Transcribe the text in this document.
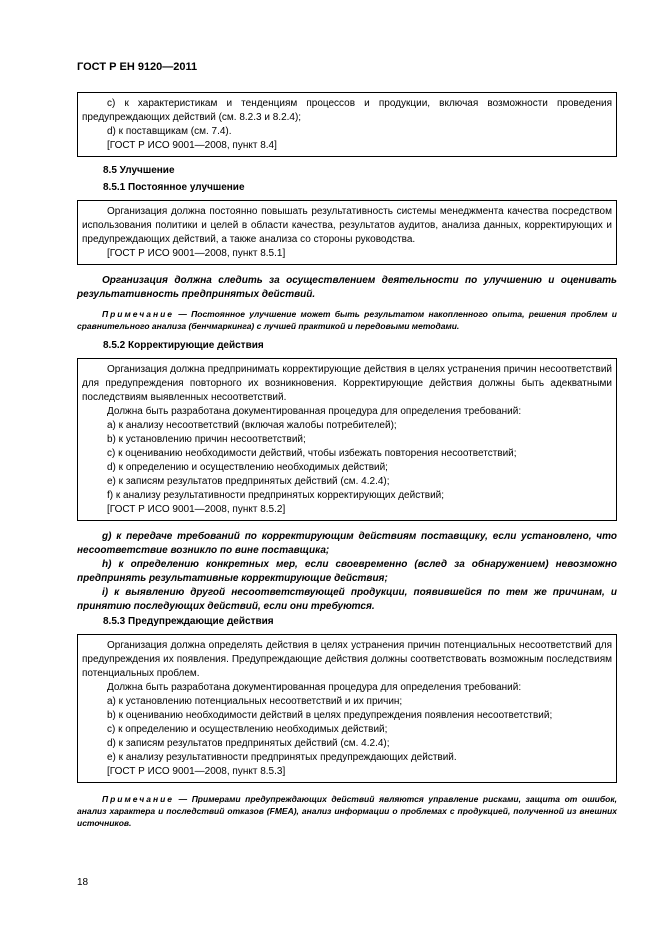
ГОСТ Р ЕН 9120—2011

c) к характеристикам и тенденциям процессов и продукции, включая возможности проведения предупреждающих действий (см. 8.2.3 и 8.2.4);

d) к поставщикам (см. 7.4).

[ГОСТ Р ИСО 9001—2008, пункт 8.4]

8.5 Улучшение

8.5.1 Постоянное улучшение

Организация должна постоянно повышать результативность системы менеджмента качества посредством использования политики и целей в области качества, результатов аудитов, анализа данных, корректирующих и предупреждающих действий, а также анализа со стороны руководства.

[ГОСТ Р ИСО 9001—2008, пункт 8.5.1]

Организация должна следить за осуществлением деятельности по улучшению и оценивать результативность предпринятых действий.

Примечание — Постоянное улучшение может быть результатом накопленного опыта, решения проблем и сравнительного анализа (бенчмаркинга) с лучшей практикой и передовыми методами.

8.5.2 Корректирующие действия

Организация должна предпринимать корректирующие действия в целях устранения причин несоответствий для предупреждения повторного их возникновения. Корректирующие действия должны быть адекватными последствиям выявленных несоответствий.

Должна быть разработана документированная процедура для определения требований:

a) к анализу несоответствий (включая жалобы потребителей);

b) к установлению причин несоответствий;

c) к оцениванию необходимости действий, чтобы избежать повторения несоответствий;

d) к определению и осуществлению необходимых действий;

e) к записям результатов предпринятых действий (см. 4.2.4);

f) к анализу результативности предпринятых корректирующих действий;

[ГОСТ Р ИСО 9001—2008, пункт 8.5.2]

g) к передаче требований по корректирующим действиям поставщику, если установлено, что несоответствие возникло по вине поставщика;

h) к определению конкретных мер, если своевременно (вслед за обнаружением) невозможно предпринять результативные корректирующие действия;

i) к выявлению другой несоответствующей продукции, появившейся по тем же причинам, и принятию последующих действий, если они требуются.

8.5.3 Предупреждающие действия

Организация должна определять действия в целях устранения причин потенциальных несоответствий для предупреждения их появления. Предупреждающие действия должны соответствовать возможным последствиям потенциальных проблем.

Должна быть разработана документированная процедура для определения требований:

a) к установлению потенциальных несоответствий и их причин;

b) к оцениванию необходимости действий в целях предупреждения появления несоответствий;

c) к определению и осуществлению необходимых действий;

d) к записям результатов предпринятых действий (см. 4.2.4);

e) к анализу результативности предпринятых предупреждающих действий.

[ГОСТ Р ИСО 9001—2008, пункт 8.5.3]

Примечание — Примерами предупреждающих действий являются управление рисками, защита от ошибок, анализ характера и последствий отказов (FMEA), анализ информации о проблемах с продукцией, полученной из внешних источников.

18
